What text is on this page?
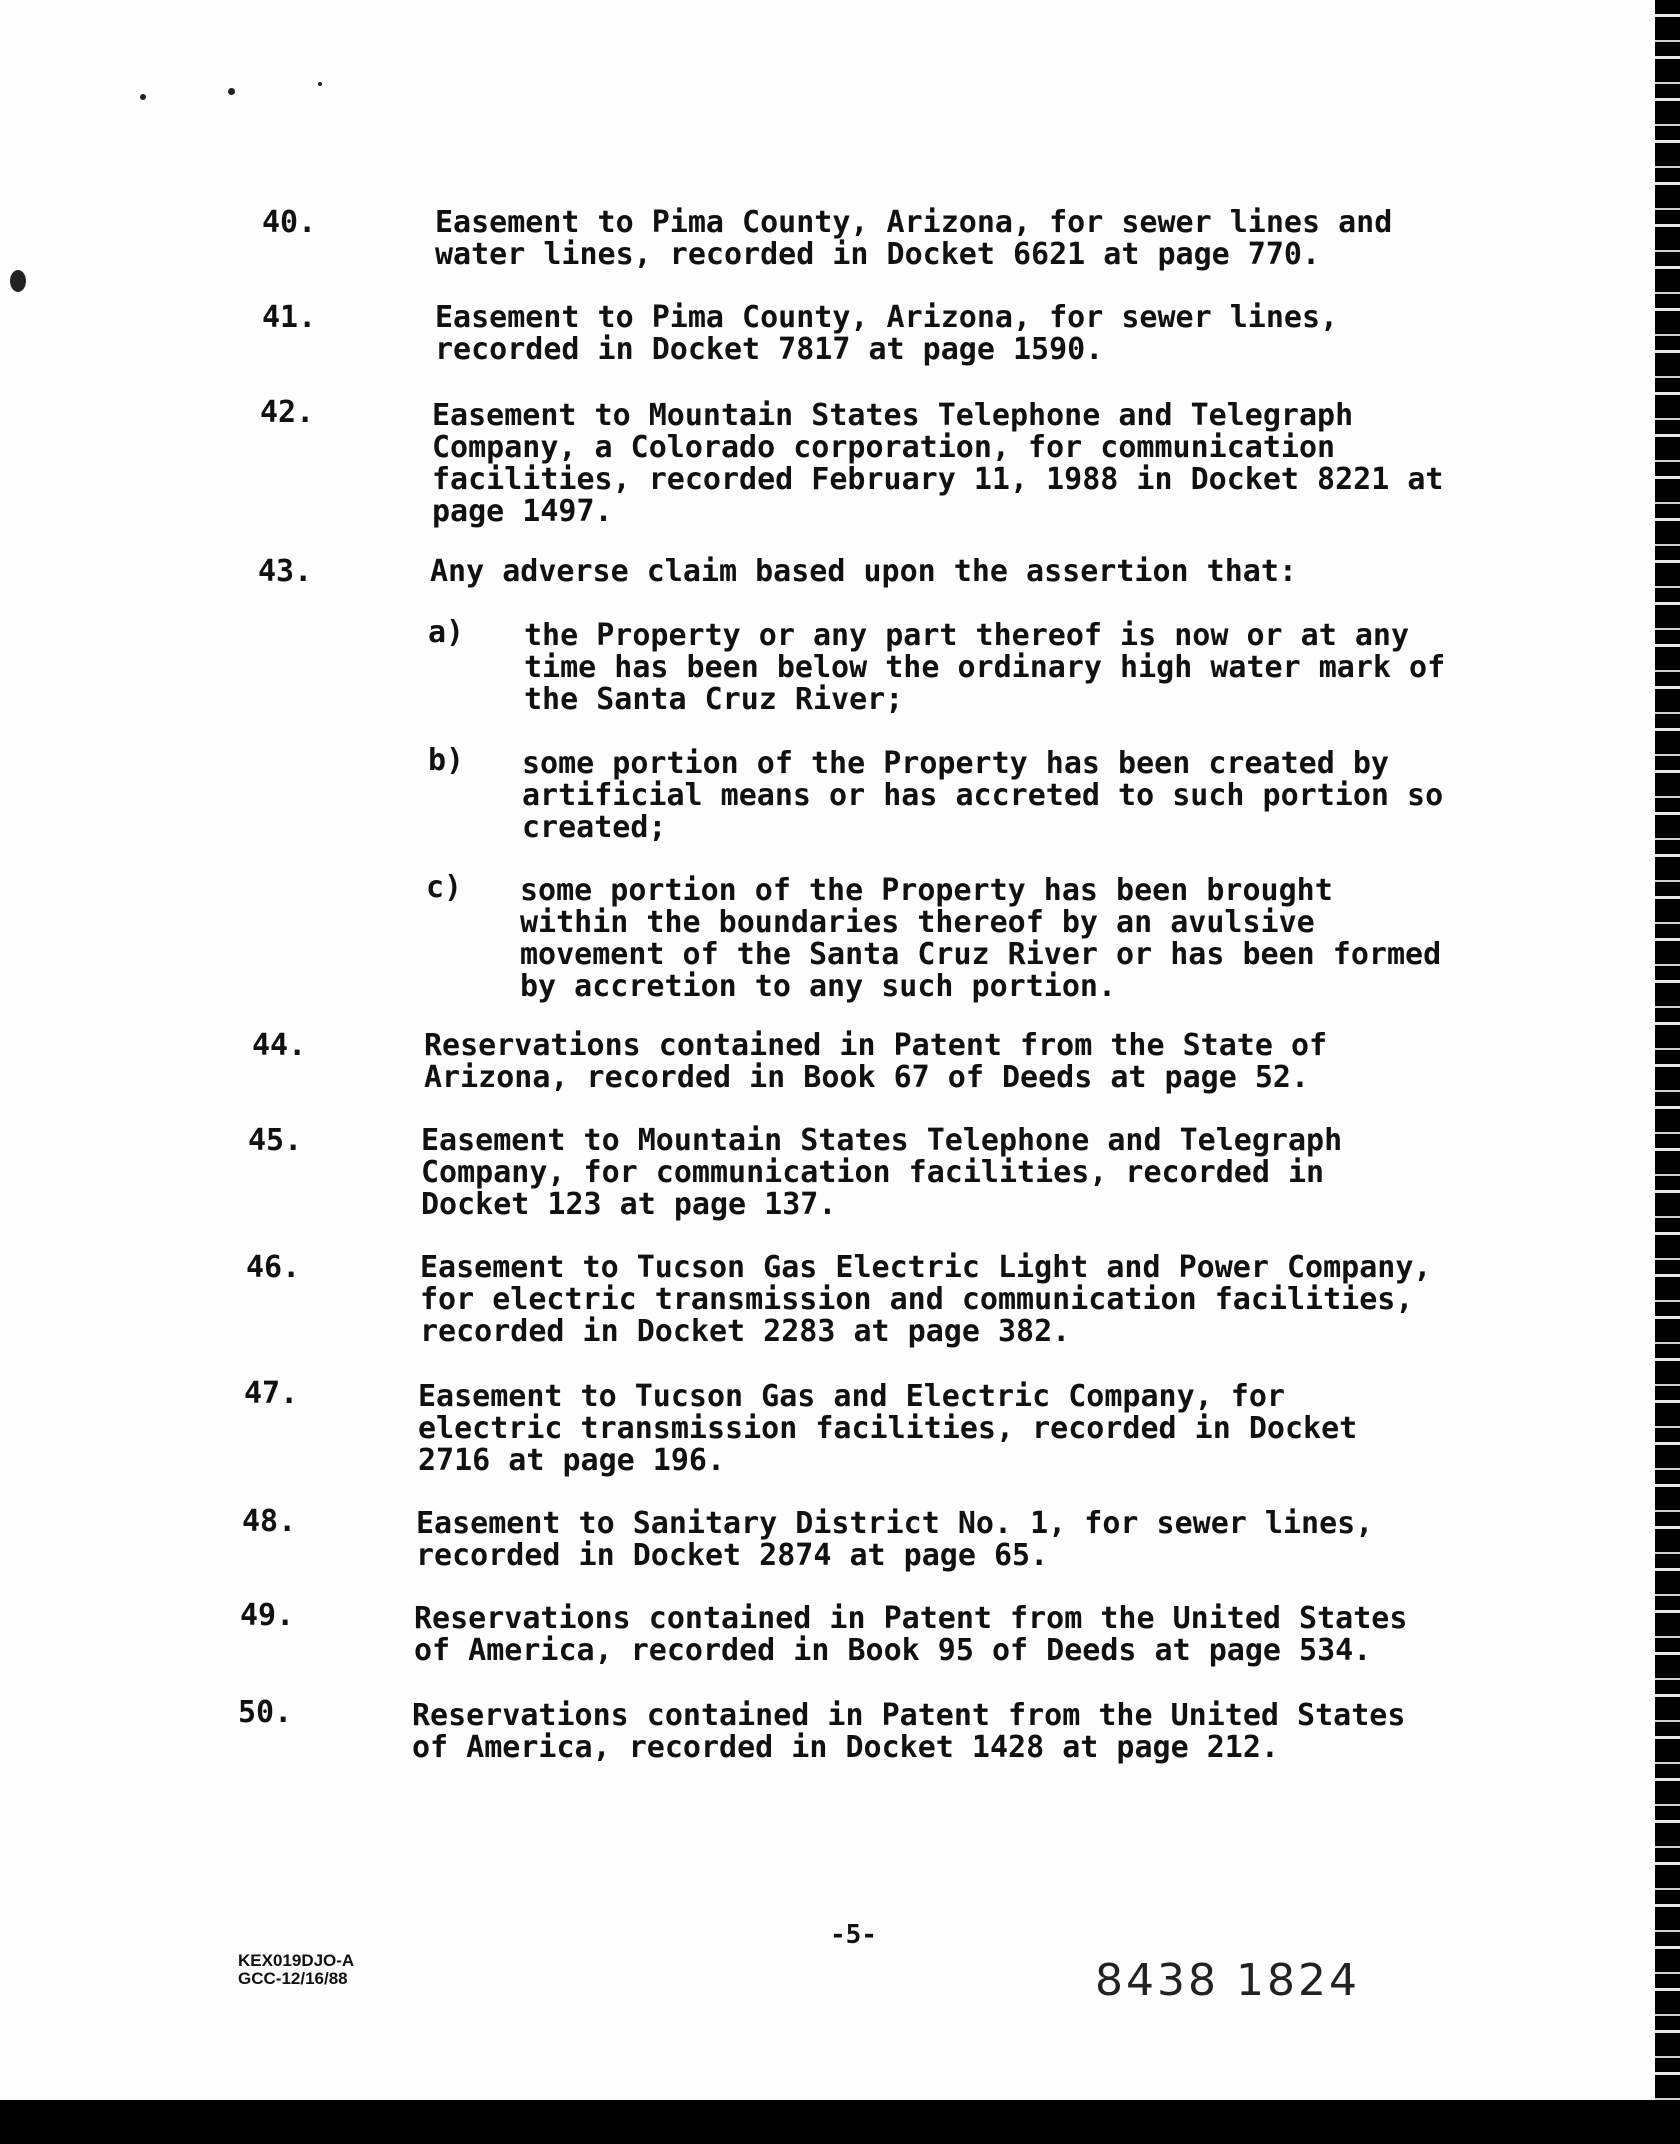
40.	Easement to Pima County, Arizona, for sewer lines and
water lines, recorded in Docket 6621 at page 770.
41.	Easement to Pima County, Arizona, for sewer lines,
recorded in Docket 7817 at page 1590.
42.	Easement to Mountain States Telephone and Telegraph
Company, a Colorado corporation, for communication
facilities, recorded February 11, 1988 in Docket 8221 at
page 1497.
43.	Any adverse claim based upon the assertion that:
a) the Property or any part thereof is now or at any
time has been below the ordinary high water mark of
the Santa Cruz River;
b) some portion of the Property has been created by
artificial means or has accreted to such portion so
created;
c) some portion of the Property has been brought
within the boundaries thereof by an avulsive
movement of the Santa Cruz River or has been formed
by accretion to any such portion.
44.	Reservations contained in Patent from the State of
Arizona, recorded in Book 67 of Deeds at page 52.
45.	Easement to Mountain States Telephone and Telegraph
Company, for communication facilities, recorded in
Docket 123 at page 137.
46.	Easement to Tucson Gas Electric Light and Power Company,
for electric transmission and communication facilities,
recorded in Docket 2283 at page 382.
47.	Easement to Tucson Gas and Electric Company, for
electric transmission facilities, recorded in Docket
2716 at page 196.
48.	Easement to Sanitary District No. 1, for sewer lines,
recorded in Docket 2874 at page 65.
49.	Reservations contained in Patent from the United States
of America, recorded in Book 95 of Deeds at page 534.
50.	Reservations contained in Patent from the United States
of America, recorded in Docket 1428 at page 212.
-5-
KEX019DJO-A
GCC-12/16/88	8438 1824
